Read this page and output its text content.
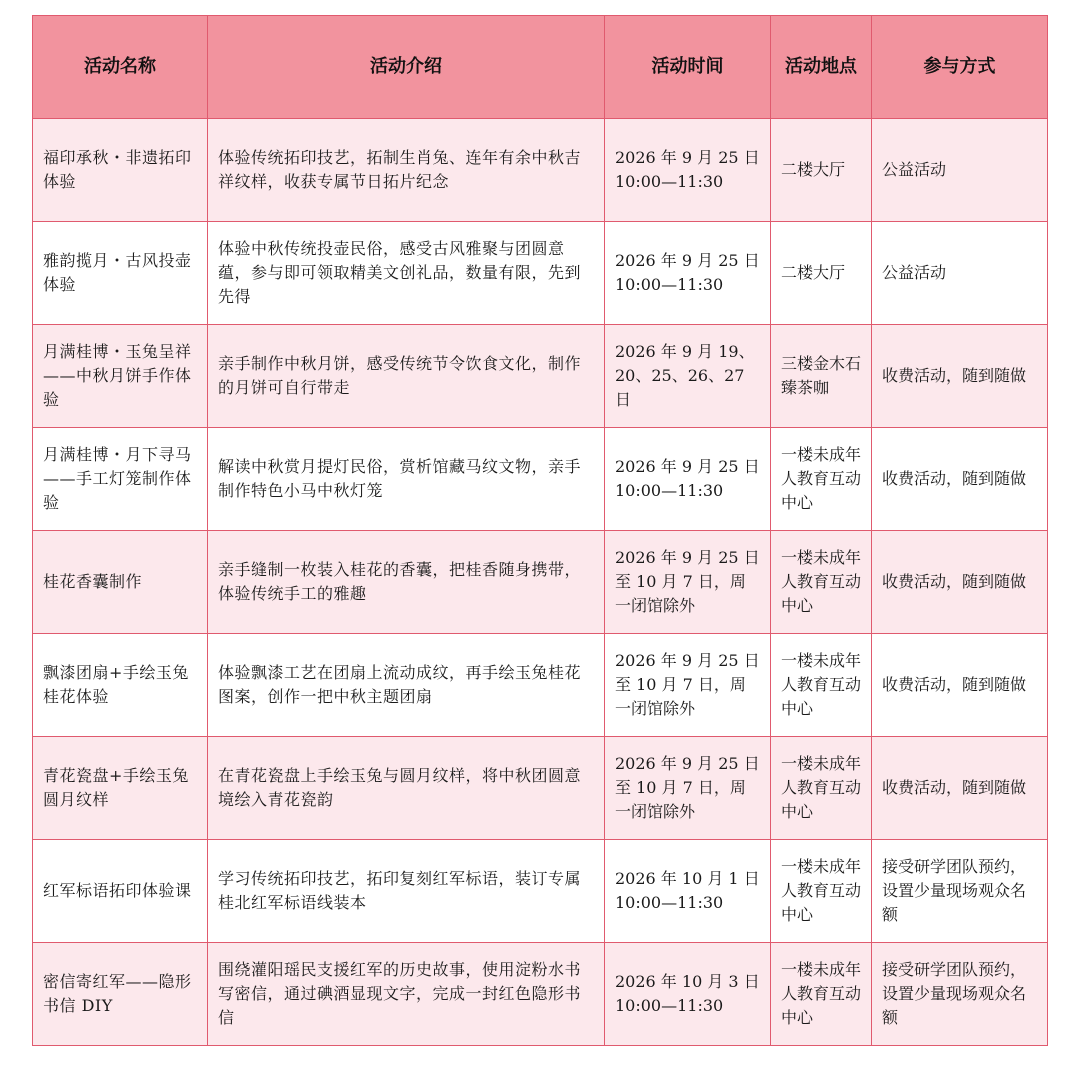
活动名称	活动介绍	活动时间	活动地点	参与方式
福印承秋・非遗拓印体验	体验传统拓印技艺，拓制生肖兔、连年有余中秋吉祥纹样，收获专属节日拓片纪念	2026 年 9 月 25 日 10:00—11:30	二楼大厅	公益活动
雅韵揽月・古风投壶体验	体验中秋传统投壶民俗，感受古风雅聚与团圆意蕴，参与即可领取精美文创礼品，数量有限，先到先得	2026 年 9 月 25 日 10:00—11:30	二楼大厅	公益活动
月满桂博・玉兔呈祥——中秋月饼手作体验	亲手制作中秋月饼，感受传统节令饮食文化，制作的月饼可自行带走	2026 年 9 月 19、20、25、26、27 日	三楼金木石臻茶咖	收费活动，随到随做
月满桂博・月下寻马——手工灯笼制作体验	解读中秋赏月提灯民俗，赏析馆藏马纹文物，亲手制作特色小马中秋灯笼	2026 年 9 月 25 日 10:00—11:30	一楼未成年人教育互动中心	收费活动，随到随做
桂花香囊制作	亲手缝制一枚装入桂花的香囊，把桂香随身携带，体验传统手工的雅趣	2026 年 9 月 25 日至 10 月 7 日，周一闭馆除外	一楼未成年人教育互动中心	收费活动，随到随做
飘漆团扇+手绘玉兔桂花体验	体验飘漆工艺在团扇上流动成纹，再手绘玉兔桂花图案，创作一把中秋主题团扇	2026 年 9 月 25 日至 10 月 7 日，周一闭馆除外	一楼未成年人教育互动中心	收费活动，随到随做
青花瓷盘+手绘玉兔圆月纹样	在青花瓷盘上手绘玉兔与圆月纹样，将中秋团圆意境绘入青花瓷韵	2026 年 9 月 25 日至 10 月 7 日，周一闭馆除外	一楼未成年人教育互动中心	收费活动，随到随做
红军标语拓印体验课	学习传统拓印技艺，拓印复刻红军标语，装订专属桂北红军标语线装本	2026 年 10 月 1 日 10:00—11:30	一楼未成年人教育互动中心	接受研学团队预约，设置少量现场观众名额
密信寄红军——隐形书信 DIY	围绕灌阳瑶民支援红军的历史故事，使用淀粉水书写密信，通过碘酒显现文字，完成一封红色隐形书信	2026 年 10 月 3 日 10:00—11:30	一楼未成年人教育互动中心	接受研学团队预约，设置少量现场观众名额
